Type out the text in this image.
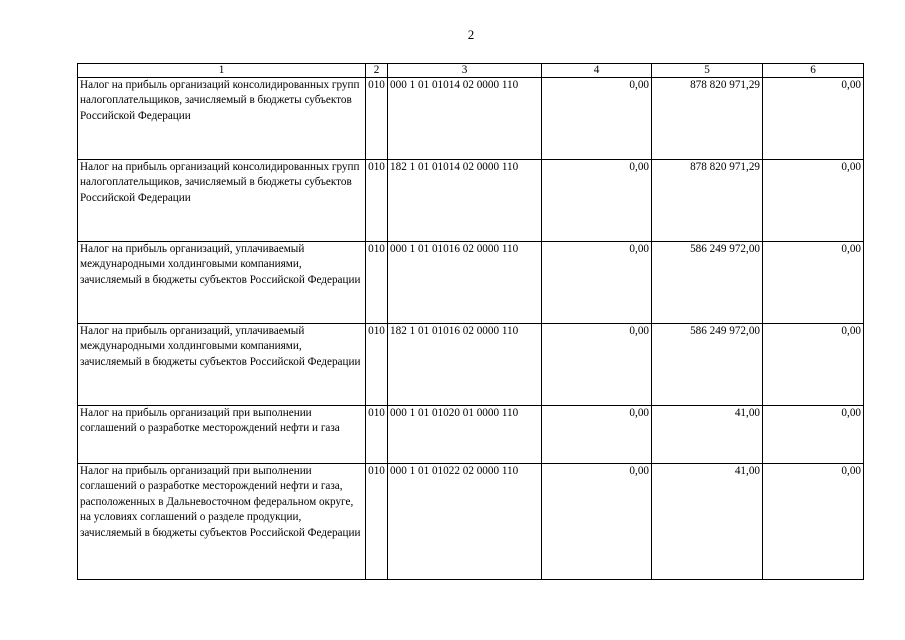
2
1	2	3	4	5	6
Налог на прибыль организаций консолидированных групп налогоплательщиков, зачисляемый в бюджеты субъектов Российской Федерации	010	000 1 01 01014 02 0000 110	0,00	878 820 971,29	0,00
Налог на прибыль организаций консолидированных групп налогоплательщиков, зачисляемый в бюджеты субъектов Российской Федерации	010	182 1 01 01014 02 0000 110	0,00	878 820 971,29	0,00
Налог на прибыль организаций, уплачиваемый международными холдинговыми компаниями, зачисляемый в бюджеты субъектов Российской Федерации	010	000 1 01 01016 02 0000 110	0,00	586 249 972,00	0,00
Налог на прибыль организаций, уплачиваемый международными холдинговыми компаниями, зачисляемый в бюджеты субъектов Российской Федерации	010	182 1 01 01016 02 0000 110	0,00	586 249 972,00	0,00
Налог на прибыль организаций при выполнении соглашений о разработке месторождений нефти и газа	010	000 1 01 01020 01 0000 110	0,00	41,00	0,00
Налог на прибыль организаций при выполнении соглашений о разработке месторождений нефти и газа, расположенных в Дальневосточном федеральном округе, на условиях соглашений о разделе продукции, зачисляемый в бюджеты субъектов Российской Федерации	010	000 1 01 01022 02 0000 110	0,00	41,00	0,00
